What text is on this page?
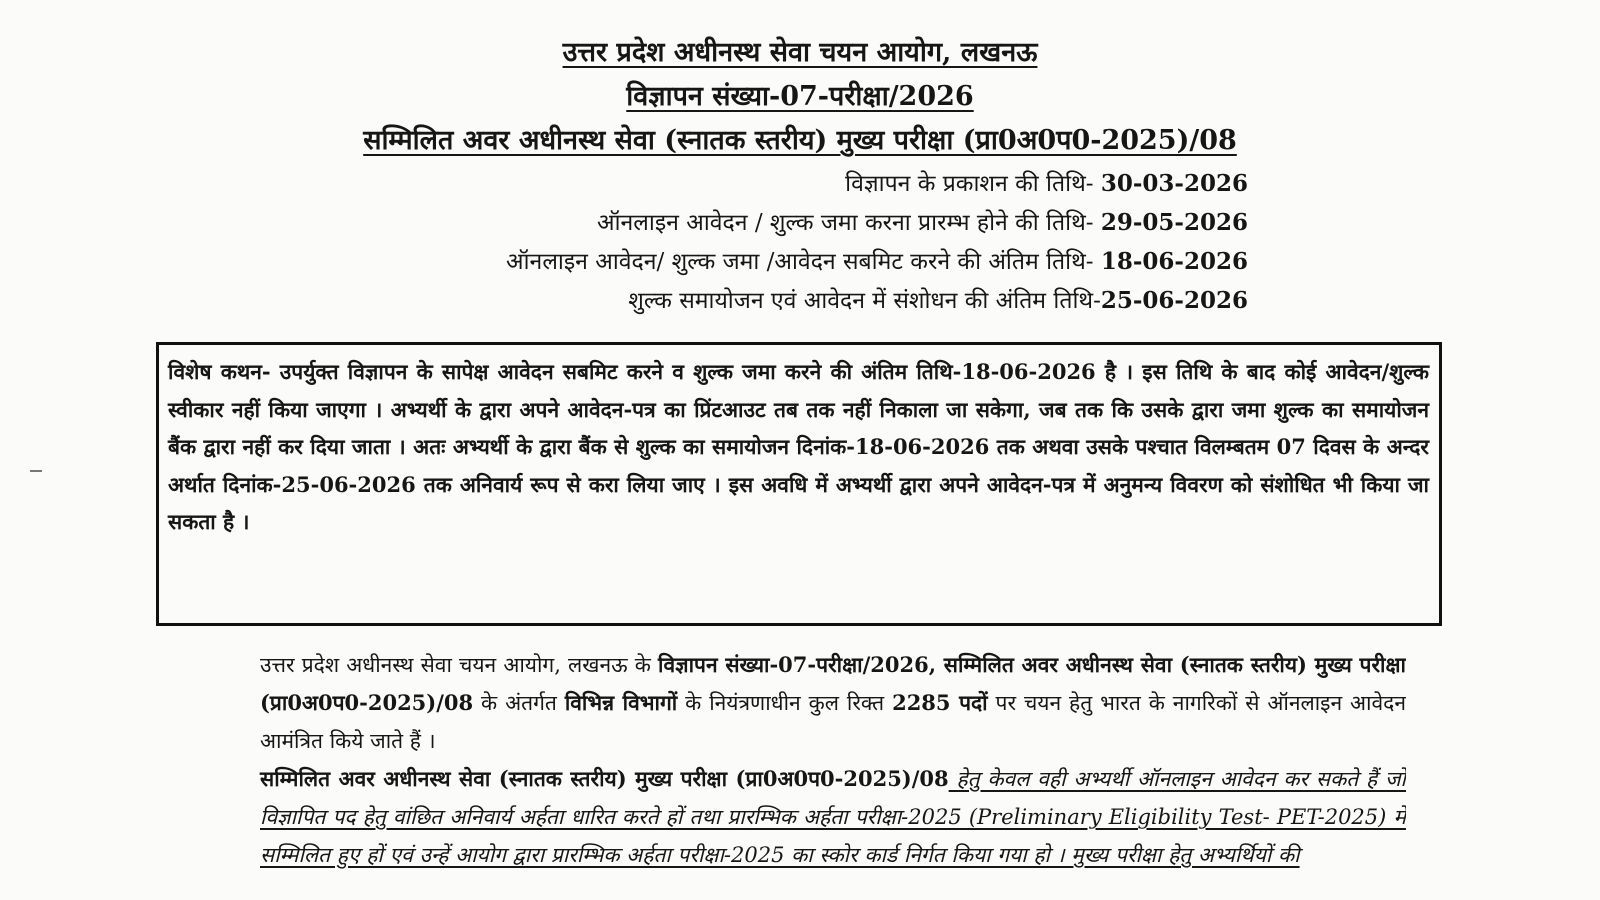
उत्तर प्रदेश अधीनस्थ सेवा चयन आयोग, लखनऊ
विज्ञापन संख्या-07-परीक्षा/2026
सम्मिलित अवर अधीनस्थ सेवा (स्नातक स्तरीय) मुख्य परीक्षा (प्रा0अ0प0-2025)/08
विज्ञापन के प्रकाशन की तिथि- 30-03-2026
ऑनलाइन आवेदन / शुल्क जमा करना प्रारम्भ होने की तिथि- 29-05-2026
ऑनलाइन आवेदन/ शुल्क जमा /आवेदन सबमिट करने की अंतिम तिथि- 18-06-2026
शुल्क समायोजन एवं आवेदन में संशोधन की अंतिम तिथि-25-06-2026
विशेष कथन- उपर्युक्त विज्ञापन के सापेक्ष आवेदन सबमिट करने व शुल्क जमा करने की अंतिम तिथि-18-06-2026 है । इस तिथि के बाद कोई आवेदन/शुल्क स्वीकार नहीं किया जाएगा । अभ्यर्थी के द्वारा अपने आवेदन-पत्र का प्रिंटआउट तब तक नहीं निकाला जा सकेगा, जब तक कि उसके द्वारा जमा शुल्क का समायोजन बैंक द्वारा नहीं कर दिया जाता । अतः अभ्यर्थी के द्वारा बैंक से शुल्क का समायोजन दिनांक-18-06-2026 तक अथवा उसके पश्चात विलम्बतम 07 दिवस के अन्दर अर्थात दिनांक-25-06-2026 तक अनिवार्य रूप से करा लिया जाए । इस अवधि में अभ्यर्थी द्वारा अपने आवेदन-पत्र में अनुमन्य विवरण को संशोधित भी किया जा सकता है ।
उत्तर प्रदेश अधीनस्थ सेवा चयन आयोग, लखनऊ के विज्ञापन संख्या-07-परीक्षा/2026, सम्मिलित अवर अधीनस्थ सेवा (स्नातक स्तरीय) मुख्य परीक्षा (प्रा0अ0प0-2025)/08 के अंतर्गत विभिन्न विभागों के नियंत्रणाधीन कुल रिक्त 2285 पदों पर चयन हेतु भारत के नागरिकों से ऑनलाइन आवेदन आमंत्रित किये जाते हैं ।
सम्मिलित अवर अधीनस्थ सेवा (स्नातक स्तरीय) मुख्य परीक्षा (प्रा0अ0प0-2025)/08 हेतु केवल वही अभ्यर्थी ऑनलाइन आवेदन कर सकते हैं जो विज्ञापित पद हेतु वांछित अनिवार्य अर्हता धारित करते हों तथा प्रारम्भिक अर्हता परीक्षा-2025 (Preliminary Eligibility Test- PET-2025) में सम्मिलित हुए हों एवं उन्हें आयोग द्वारा प्रारम्भिक अर्हता परीक्षा-2025 का स्कोर कार्ड निर्गत किया गया हो । मुख्य परीक्षा हेतु अभ्यर्थियों की
